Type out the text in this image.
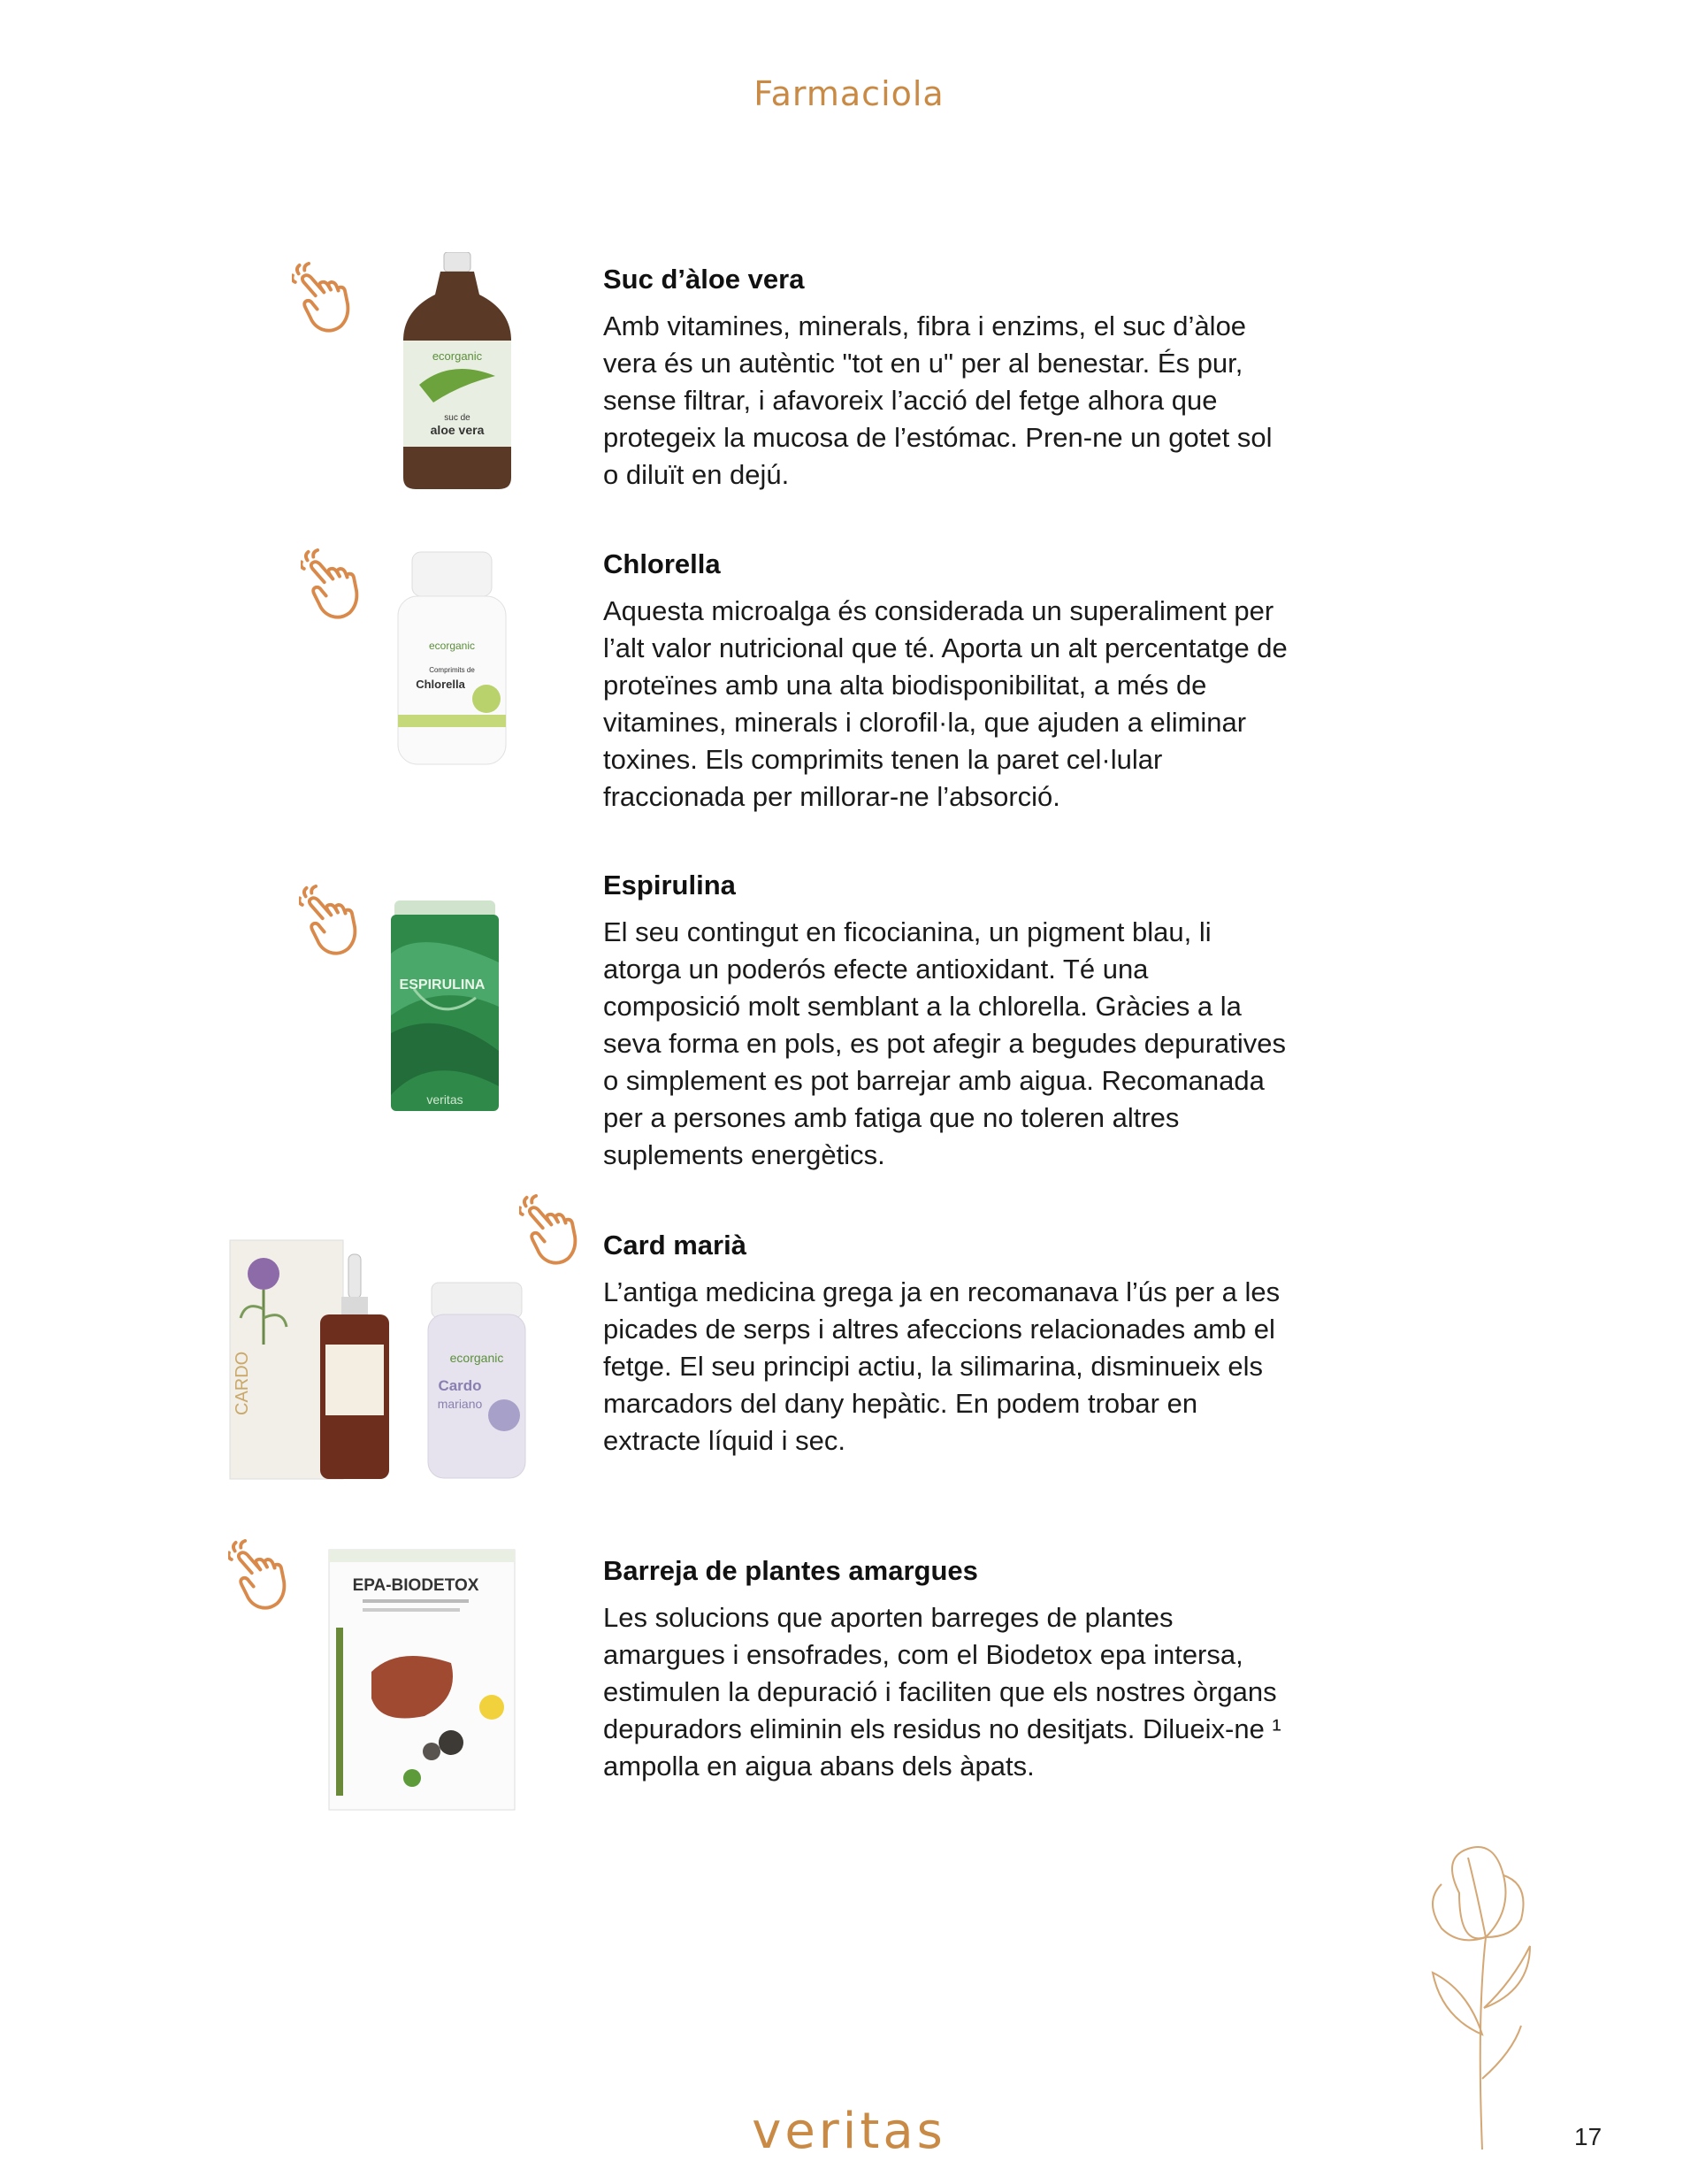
Farmaciola
ecorganic
suc de
aloe vera
Suc d’àloe vera

Amb vitamines, minerals, fibra i enzims, el suc d’àloe vera és un autèntic "tot en u" per al benestar. És pur, sense filtrar, i afavoreix l’acció del fetge alhora que protegeix la mucosa de l’estómac. Pren-ne un gotet sol o diluït en dejú.

ecorganic
Comprimits de
Chlorella
Chlorella

Aquesta microalga és considerada un superaliment per l’alt valor nutricional que té. Aporta un alt percentatge de proteïnes amb una alta biodisponibilitat, a més de vitamines, minerals i clorofil·la, que ajuden a eliminar toxines. Els comprimits tenen la paret cel·lular fraccionada per millorar-ne l’absorció.

ESPIRULINA
veritas
Espirulina

El seu contingut en ficocianina, un pigment blau, li atorga un poderós efecte antioxidant. Té una composició molt semblant a la chlorella. Gràcies a la seva forma en pols, es pot afegir a begudes depuratives o simplement es pot barrejar amb aigua. Recomanada per a persones amb fatiga que no toleren altres suplements energètics.

CARDO	ecorganic
Cardo
mariano
Card marià

L’antiga medicina grega ja en recomanava l’ús per a les picades de serps i altres afeccions relacionades amb el fetge. El seu principi actiu, la silimarina, disminueix els marcadors del dany hepàtic. En podem trobar en extracte líquid i sec.

EPA-BIODETOX	Barreja de plantes amargues

Les solucions que aporten barreges de plantes amargues i ensofrades, com el Biodetox epa intersa, estimulen la depuració i faciliten que els nostres òrgans depuradors eliminin els residus no desitjats. Dilueix-ne ¹ ampolla en aigua abans dels àpats.

veritas	17
